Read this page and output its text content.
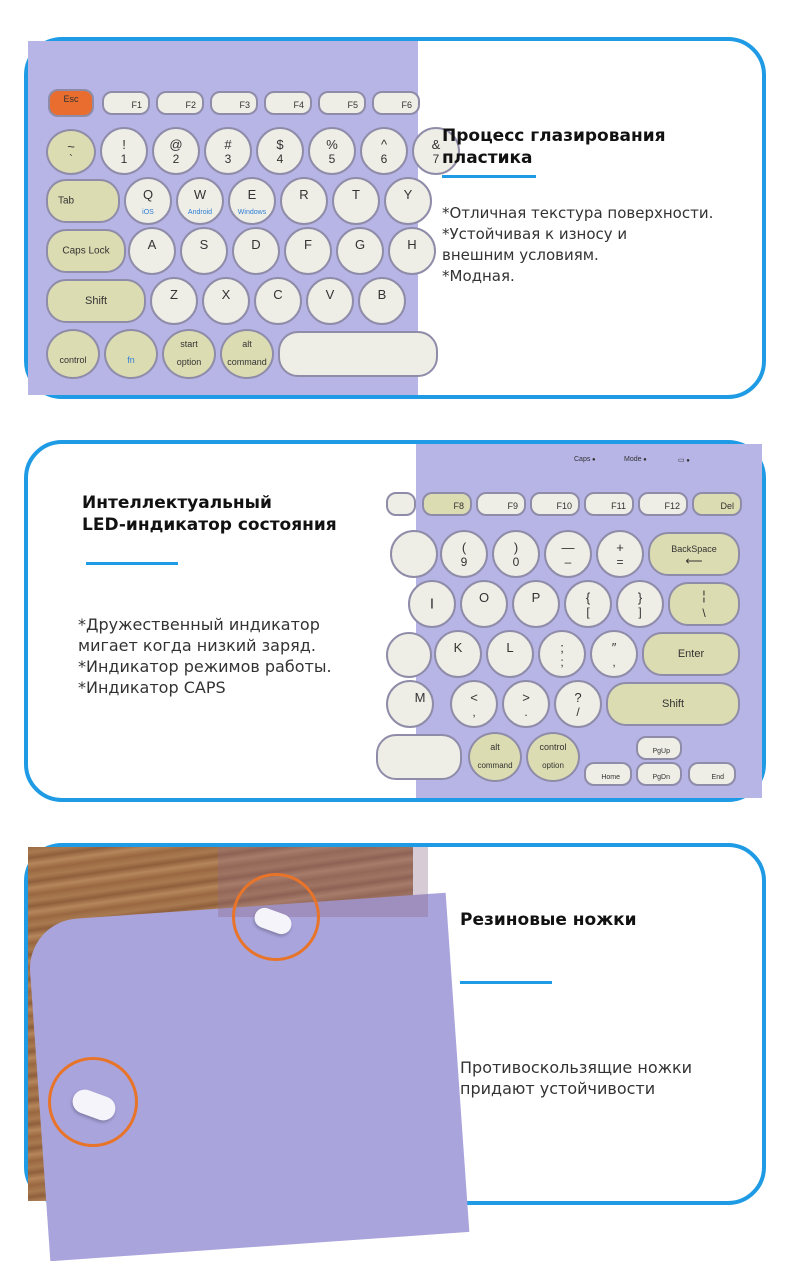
Esc
F1	F2	F3	F4	F5	F6
~
`
!
1
@
2
#
3
$
4
%
5
^
6
&
7
Tab	Q
iOS
W
Android
E
Windows
R	T	Y
Caps Lock	A	S	D	F	G	H
Shift	Z	X	C	V	B
control	fn
start
option
alt
command
Процесс глазирования пластика
*Отличная текстура поверхности.
*Устойчивая к износу и
внешним условиям.
*Модная.
Интеллектуальный
LED-индикатор состояния
*Дружественный индикатор
мигает когда низкий заряд.
*Индикатор режимов работы.
*Индикатор CAPS
Caps ●	Mode ●	▭ ●
F8	F9	F10	F11	F12	Del
(
9
)
0
—
–
+
=
BackSpace
⟵
I	O	P	{
[
}
]
¦
\
K	L	;
;
″
,
Enter
M	<
,
>
.
?
/
Shift
alt
command
control
option
PgUp
Home	PgDn	End
Резиновые ножки
Противоскользящие ножки
придают устойчивости
